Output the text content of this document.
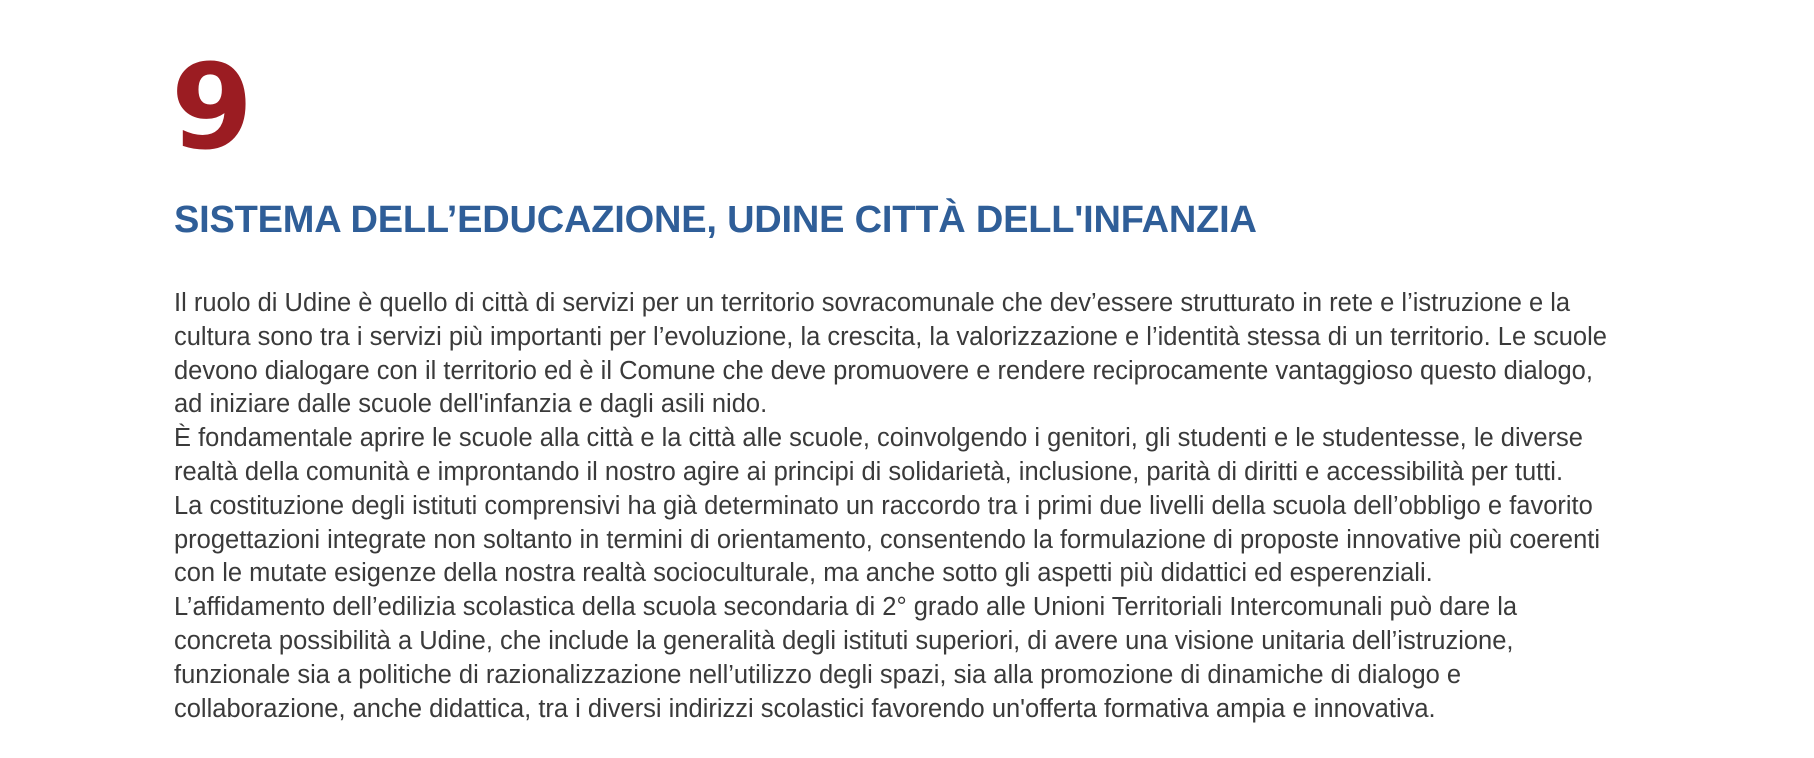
9
SISTEMA DELL’EDUCAZIONE, UDINE CITTÀ DELL'INFANZIA
Il ruolo di Udine è quello di città di servizi per un territorio sovracomunale che dev’essere strutturato in rete e l’istruzione e la
cultura sono tra i servizi più importanti per l’evoluzione, la crescita, la valorizzazione e l’identità stessa di un territorio. Le scuole
devono dialogare con il territorio ed è il Comune che deve promuovere e rendere reciprocamente vantaggioso questo dialogo,
ad iniziare dalle scuole dell'infanzia e dagli asili nido.
È fondamentale aprire le scuole alla città e la città alle scuole, coinvolgendo i genitori, gli studenti e le studentesse, le diverse
realtà della comunità e improntando il nostro agire ai principi di solidarietà, inclusione, parità di diritti e accessibilità per tutti.
La costituzione degli istituti comprensivi ha già determinato un raccordo tra i primi due livelli della scuola dell’obbligo e favorito
progettazioni integrate non soltanto in termini di orientamento, consentendo la formulazione di proposte innovative più coerenti
con le mutate esigenze della nostra realtà socioculturale, ma anche sotto gli aspetti più didattici ed esperenziali.
L’affidamento dell’edilizia scolastica della scuola secondaria di 2° grado alle Unioni Territoriali Intercomunali può dare la
concreta possibilità a Udine, che include la generalità degli istituti superiori, di avere una visione unitaria dell’istruzione,
funzionale sia a politiche di razionalizzazione nell’utilizzo degli spazi, sia alla promozione di dinamiche di dialogo e
collaborazione, anche didattica, tra i diversi indirizzi scolastici favorendo un'offerta formativa ampia e innovativa.
